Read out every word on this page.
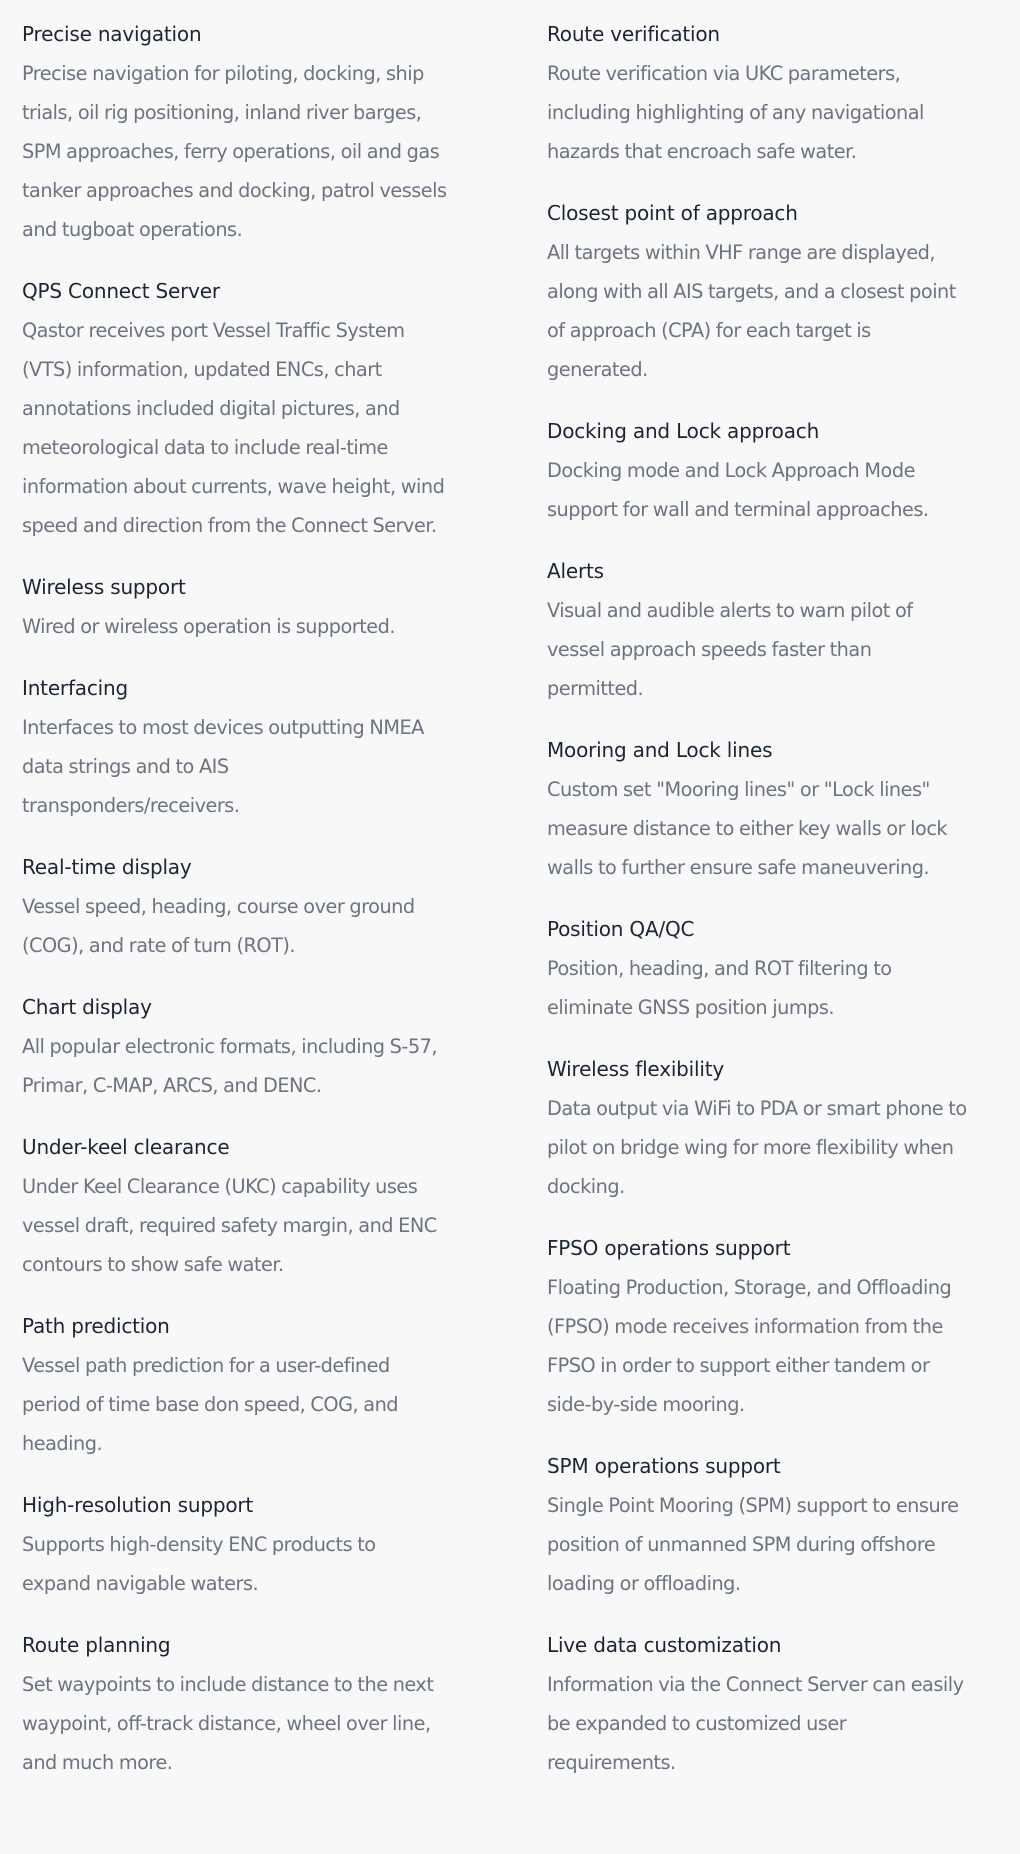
Precise navigation
Precise navigation for piloting, docking, ship
trials, oil rig positioning, inland river barges,
SPM approaches, ferry operations, oil and gas
tanker approaches and docking, patrol vessels
and tugboat operations.
QPS Connect Server
Qastor receives port Vessel Traffic System
(VTS) information, updated ENCs, chart
annotations included digital pictures, and
meteorological data to include real-time
information about currents, wave height, wind
speed and direction from the Connect Server.
Wireless support
Wired or wireless operation is supported.
Interfacing
Interfaces to most devices outputting NMEA
data strings and to AIS
transponders/receivers.
Real-time display
Vessel speed, heading, course over ground
(COG), and rate of turn (ROT).
Chart display
All popular electronic formats, including S-57,
Primar, C-MAP, ARCS, and DENC.
Under-keel clearance
Under Keel Clearance (UKC) capability uses
vessel draft, required safety margin, and ENC
contours to show safe water.
Path prediction
Vessel path prediction for a user-defined
period of time base don speed, COG, and
heading.
High-resolution support
Supports high-density ENC products to
expand navigable waters.
Route planning
Set waypoints to include distance to the next
waypoint, off-track distance, wheel over line,
and much more.
Route verification
Route verification via UKC parameters,
including highlighting of any navigational
hazards that encroach safe water.
Closest point of approach
All targets within VHF range are displayed,
along with all AIS targets, and a closest point
of approach (CPA) for each target is
generated.
Docking and Lock approach
Docking mode and Lock Approach Mode
support for wall and terminal approaches.
Alerts
Visual and audible alerts to warn pilot of
vessel approach speeds faster than
permitted.
Mooring and Lock lines
Custom set "Mooring lines" or "Lock lines"
measure distance to either key walls or lock
walls to further ensure safe maneuvering.
Position QA/QC
Position, heading, and ROT filtering to
eliminate GNSS position jumps.
Wireless flexibility
Data output via WiFi to PDA or smart phone to
pilot on bridge wing for more flexibility when
docking.
FPSO operations support
Floating Production, Storage, and Offloading
(FPSO) mode receives information from the
FPSO in order to support either tandem or
side-by-side mooring.
SPM operations support
Single Point Mooring (SPM) support to ensure
position of unmanned SPM during offshore
loading or offloading.
Live data customization
Information via the Connect Server can easily
be expanded to customized user
requirements.
